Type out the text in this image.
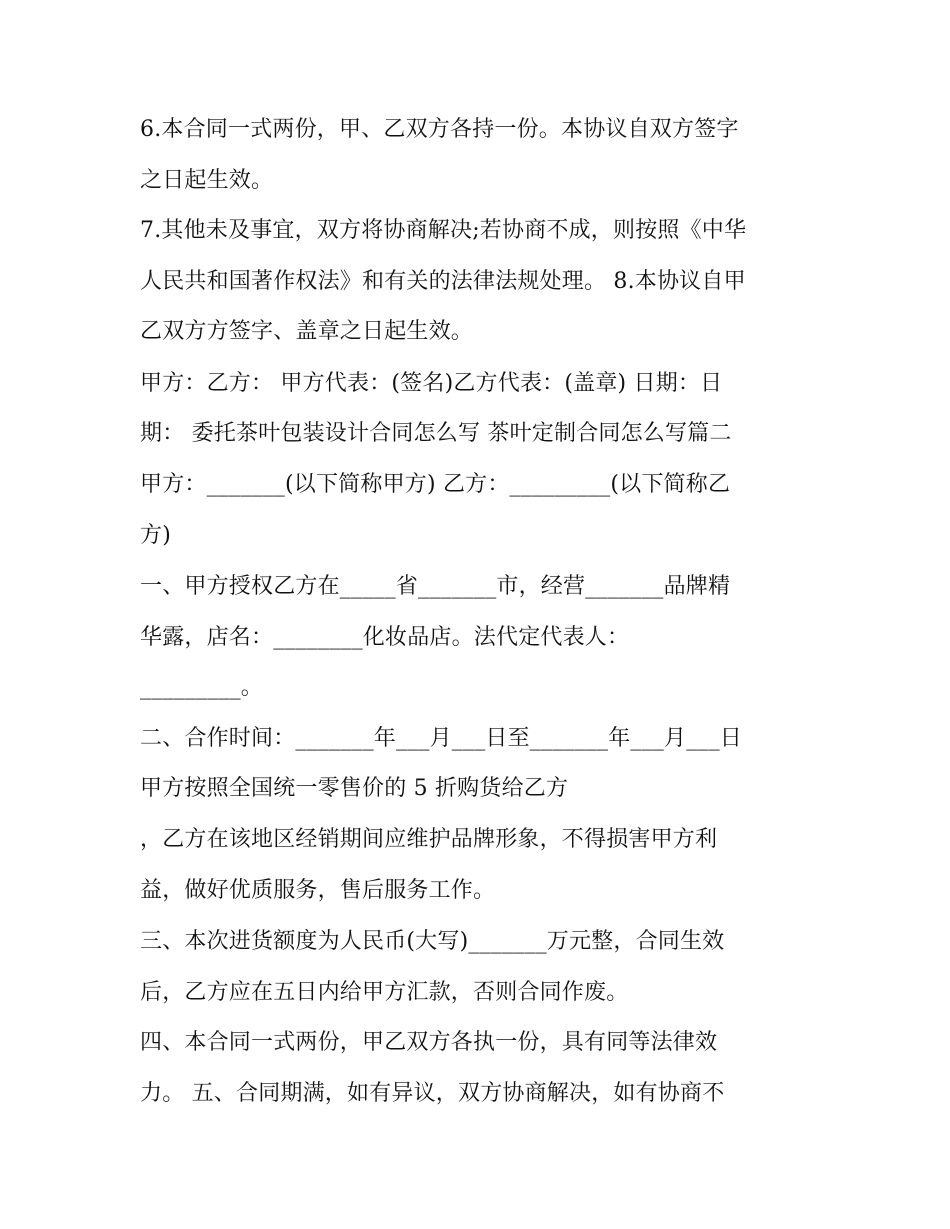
6.本合同一式两份，甲、乙双方各持一份。本协议自双方签字
之日起生效。
7.其他未及事宜，双方将协商解决;若协商不成，则按照《中华
人民共和国著作权法》和有关的法律法规处理。 8.本协议自甲
乙双方方签字、盖章之日起生效。
甲方：乙方： 甲方代表：(签名)乙方代表：(盖章) 日期：日
期： 委托茶叶包装设计合同怎么写 茶叶定制合同怎么写篇二
甲方：_______(以下简称甲方) 乙方：_________(以下简称乙
方)
一、甲方授权乙方在_____省_______市，经营_______品牌精
华露，店名：________化妆品店。法代定代表人：
_________。
二、合作时间：_______年___月___日至_______年___月___日
甲方按照全国统一零售价的 5 折购货给乙方
，乙方在该地区经销期间应维护品牌形象，不得损害甲方利
益，做好优质服务，售后服务工作。
三、本次进货额度为人民币(大写)_______万元整，合同生效
后，乙方应在五日内给甲方汇款，否则合同作废。
四、本合同一式两份，甲乙双方各执一份，具有同等法律效
力。 五、合同期满，如有异议，双方协商解决，如有协商不
